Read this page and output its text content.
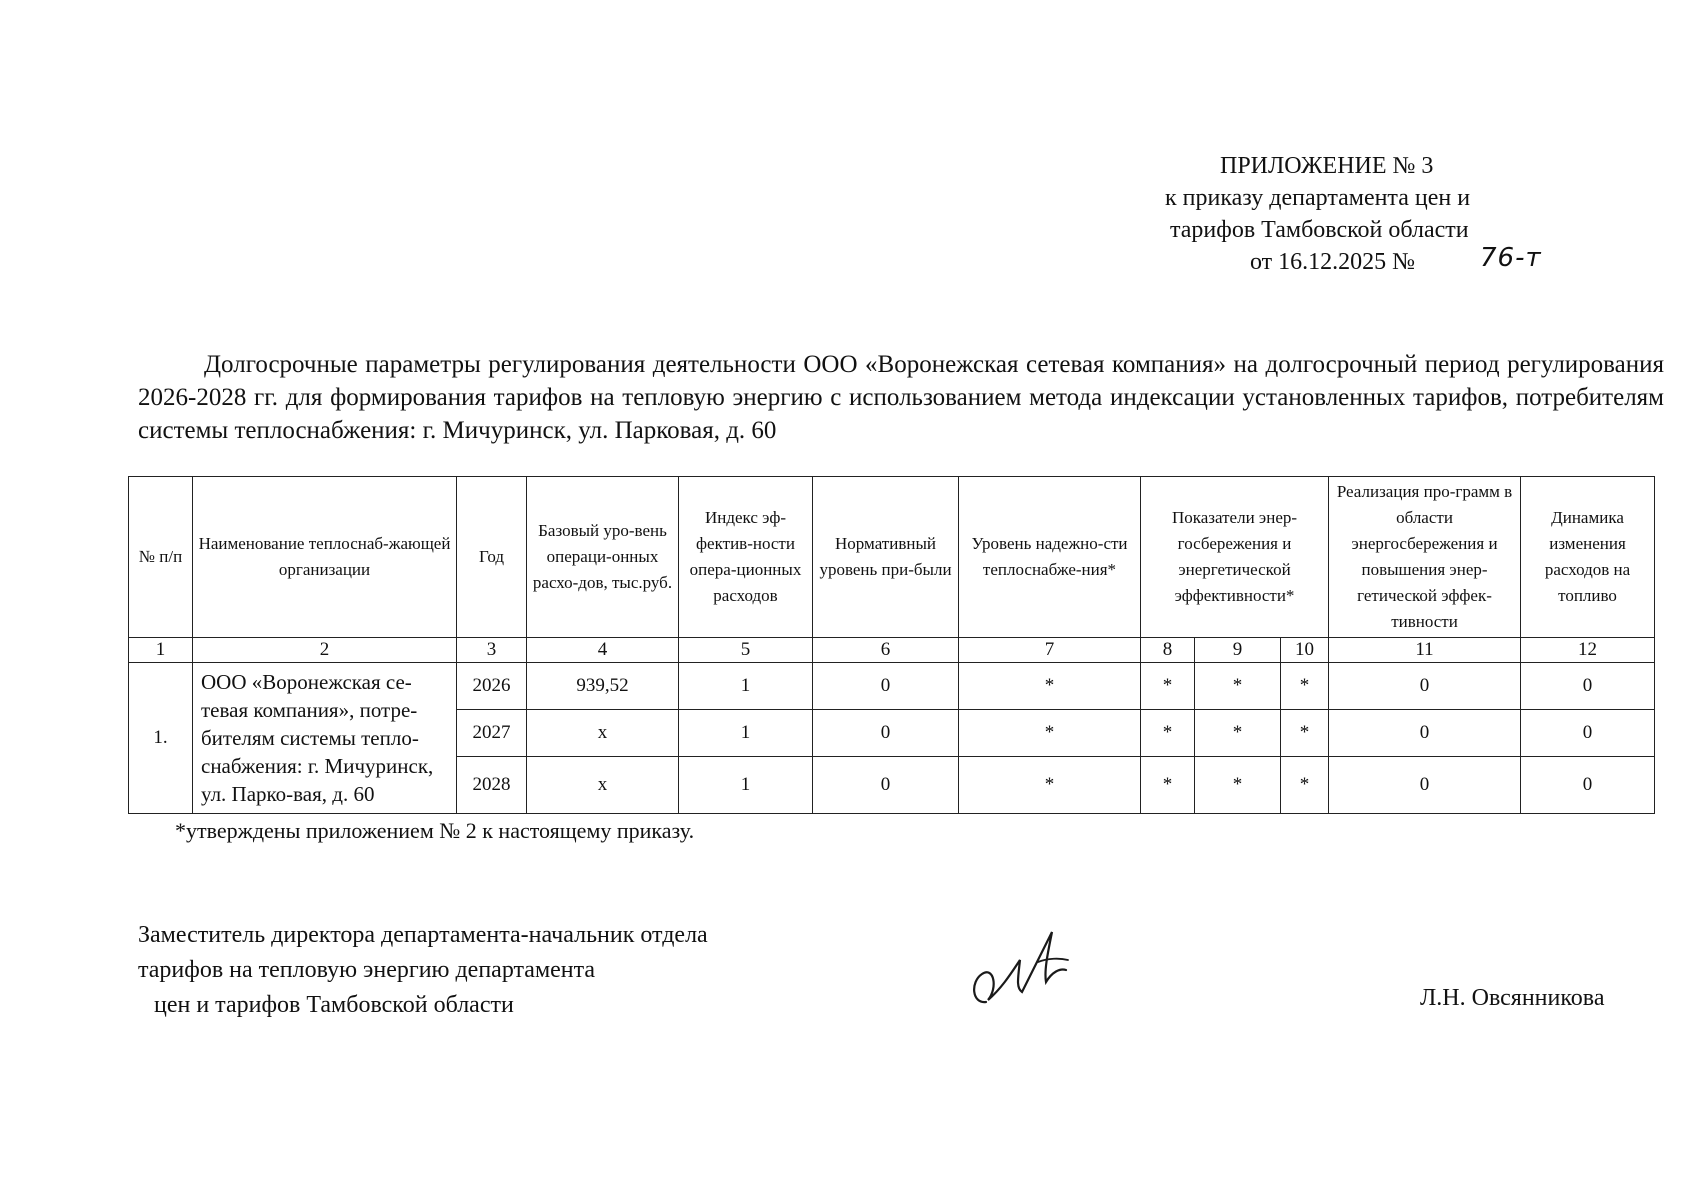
ПРИЛОЖЕНИЕ № 3
к приказу департамента цен и
тарифов Тамбовской области
от 16.12.2025 № 76-т
Долгосрочные параметры регулирования деятельности ООО «Воронежская сетевая компания» на долгосрочный период регулирования 2026-2028 гг. для формирования тарифов на тепловую энергию с использованием метода индексации установленных тарифов, потребителям системы теплоснабжения: г. Мичуринск, ул. Парковая, д. 60
№ п/п	Наименование теплоснаб-жающей организации	Год	Базовый уро-вень операци-онных расхо-дов, тыс.руб.	Индекс эф-фектив-ности опера-ционных расходов	Нормативный уровень при-были	Уровень надежно-сти теплоснабже-ния*	Показатели энер-госбережения и энергетической эффективности*			Реализация про-грамм в области энергосбережения и повышения энер-гетической эффек-тивности	Динамика изменения расходов на топливо
1	2	3	4	5	6	7	8	9	10	11	12
1.	ООО «Воронежская се-тевая компания», потре-бителям системы тепло-снабжения: г. Мичуринск, ул. Парко-вая, д. 60	2026	939,52	1	0	*	*	*	*	0	0
		2027	х	1	0	*	*	*	*	0	0
		2028	х	1	0	*	*	*	*	0	0
*утверждены приложением № 2 к настоящему приказу.
Заместитель директора департамента-начальник отдела
тарифов на тепловую энергию департамента
цен и тарифов Тамбовской области	Л.Н. Овсянникова
